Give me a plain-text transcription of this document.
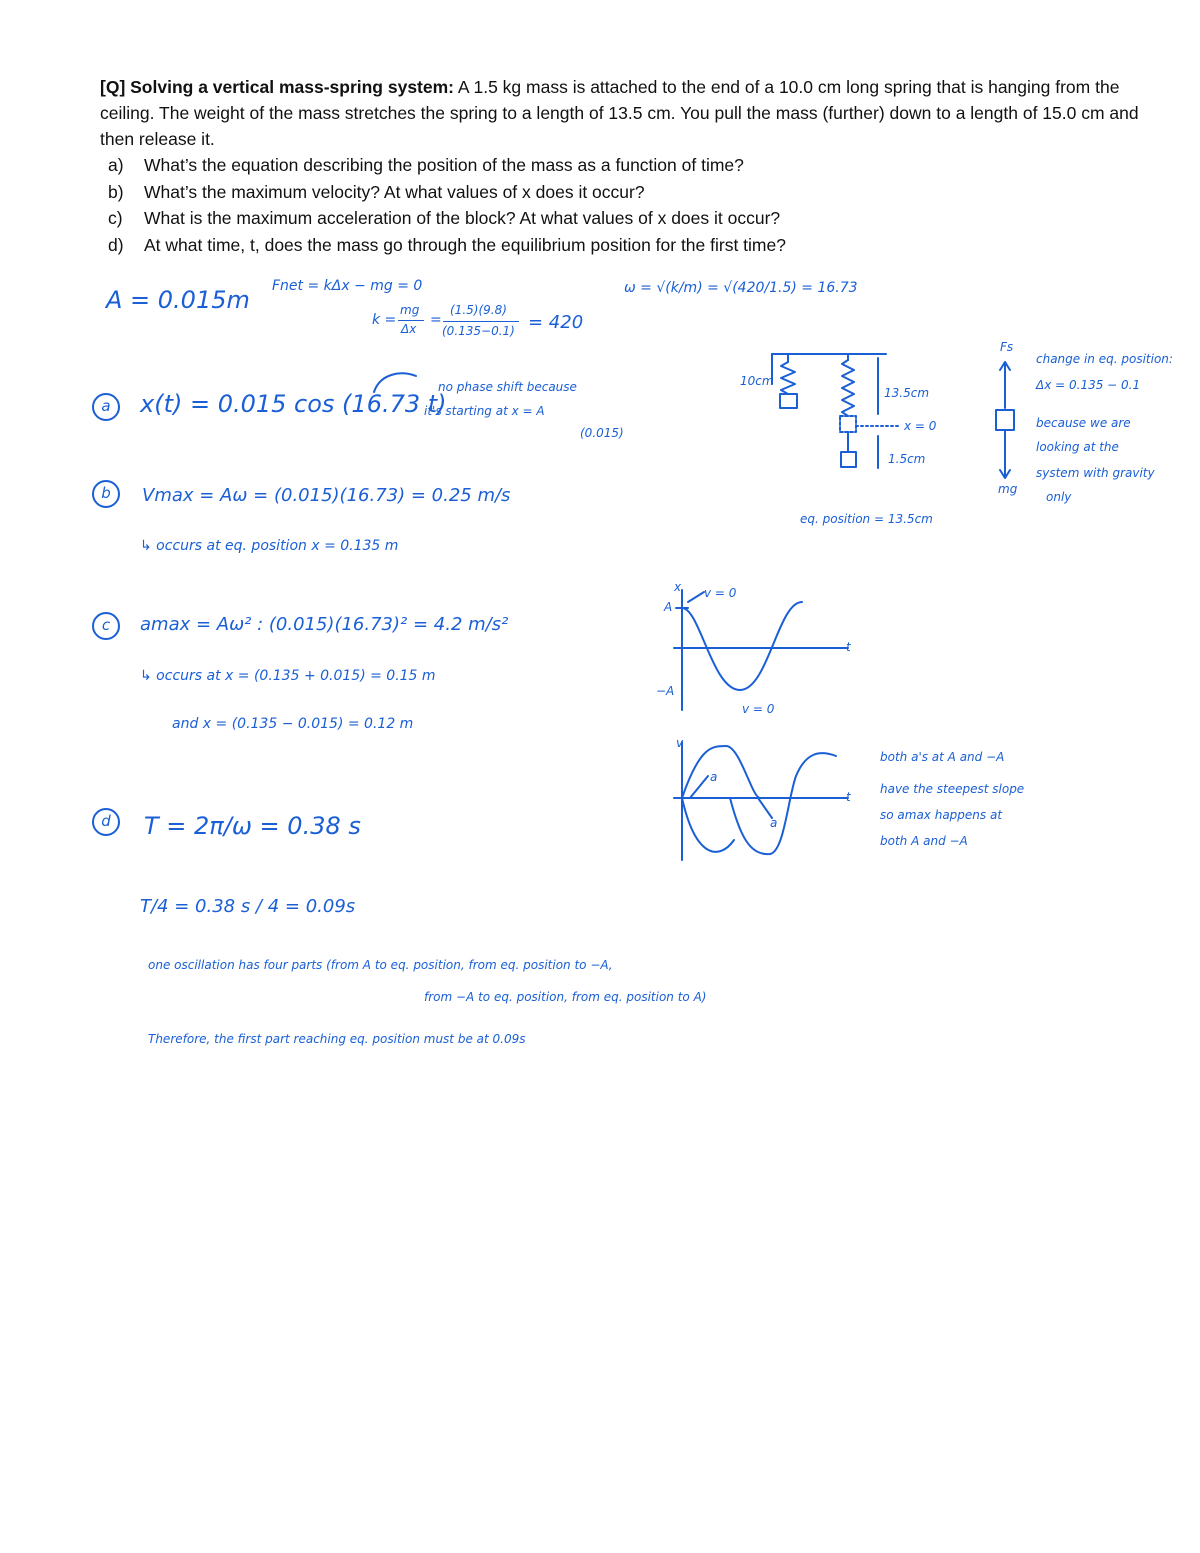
[Q] Solving a vertical mass-spring system: A 1.5 kg mass is attached to the end of a 10.0 cm long spring that is hanging from the ceiling. The weight of the mass stretches the spring to a length of 13.5 cm. You pull the mass (further) down to a length of 15.0 cm and then release it.
a)	What’s the equation describing the position of the mass as a function of time?
b)	What’s the maximum velocity? At what values of x does it occur?
c)	What is the maximum acceleration of the block? At what values of x does it occur?
d)	At what time, t, does the mass go through the equilibrium position for the first time?
A = 0.015m Fnet = kΔx − mg = 0
k =
mg
Δx
=
(1.5)(9.8)
(0.135−0.1) = 420
ω = √(k/m) = √(420/1.5) = 16.73
a	x(t) = 0.015 cos (16.73 t)
no phase shift because
it's starting at x = A
(0.015)
b	Vmax = Aω = (0.015)(16.73) = 0.25 m/s
↳ occurs at eq. position x = 0.135 m
c	amax = Aω² : (0.015)(16.73)² = 4.2 m/s²
↳ occurs at x = (0.135 + 0.015) = 0.15 m
and x = (0.135 − 0.015) = 0.12 m
d	T = 2π/ω = 0.38 s
T/4 = 0.38 s / 4 = 0.09s
one oscillation has four parts (from A to eq. position, from eq. position to −A,
from −A to eq. position, from eq. position to A)
Therefore, the first part reaching eq. position must be at 0.09s
10cm
13.5cm
x = 0
1.5cm
eq. position = 13.5cm
Fs
mg
change in eq. position:
Δx = 0.135 − 0.1
because we are
looking at the
system with gravity
only
x v = 0
A
−A
t
v = 0
v
a
t
a
both a's at A and −A
have the steepest slope
so amax happens at
both A and −A
